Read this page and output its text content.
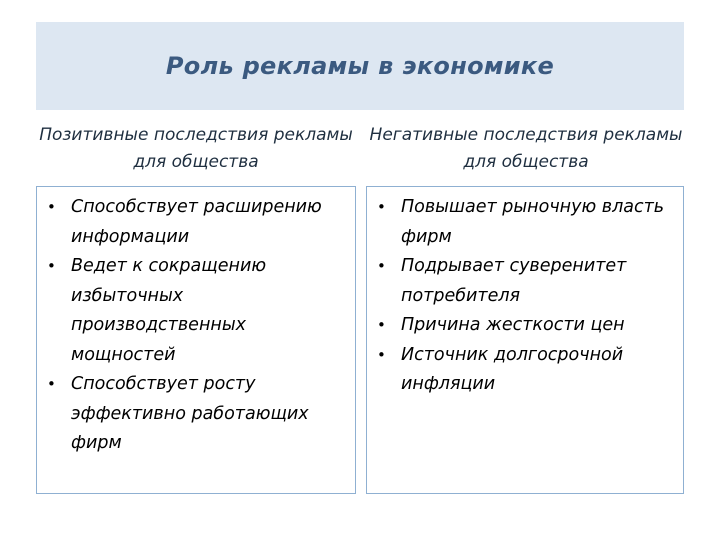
Роль рекламы в экономике
Позитивные последствия рекламы для общества
Негативные последствия рекламы для общества
• Способствует расширению информации
• Ведет к сокращению избыточных производственных мощностей
• Способствует росту эффективно работающих фирм
• Повышает рыночную власть фирм
• Подрывает суверенитет потребителя
• Причина жесткости цен
• Источник долгосрочной инфляции
